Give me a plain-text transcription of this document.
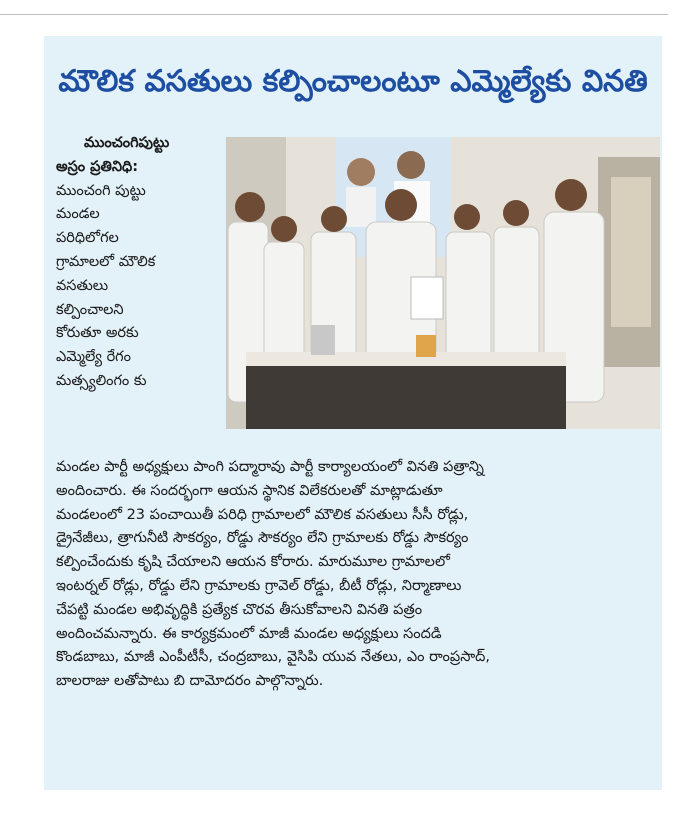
మౌలిక వసతులు కల్పించాలంటూ ఎమ్మెల్యేకు వినతి

ముంచంగిపుట్టు

అస్రం ప్రతినిధి:

ముంచంగి పుట్టు

మండల

పరిధిలోగల

గ్రామాలలో మౌలిక

వసతులు

కల్పించాలని

కోరుతూ అరకు

ఎమ్మెల్యే రేగం

మత్స్యలింగం కు

మండల పార్టీ అధ్యక్షులు పాంగి పద్మారావు పార్టీ కార్యాలయంలో వినతి పత్రాన్ని

అందించారు. ఈ సందర్భంగా ఆయన స్థానిక విలేకరులతో మాట్లాడుతూ

మండలంలో 23 పంచాయితీ పరిధి గ్రామాలలో మౌలిక వసతులు సీసీ రోడ్లు,

డ్రైనేజీలు, త్రాగునీటి సౌకర్యం, రోడ్డు సౌకర్యం లేని గ్రామాలకు రోడ్డు సౌకర్యం

కల్పించేందుకు కృషి చేయాలని ఆయన కోరారు. మారుమూల గ్రామాలలో

ఇంటర్నల్ రోడ్లు, రోడ్డు లేని గ్రామాలకు గ్రావెల్ రోడ్డు, బీటీ రోడ్లు, నిర్మాణాలు

చేపట్టి మండల అభివృద్ధికి ప్రత్యేక చొరవ తీసుకోవాలని వినతి పత్రం

అందించమన్నారు. ఈ కార్యక్రమంలో మాజీ మండల అధ్యక్షులు సందడి

కొండబాబు, మాజీ ఎంపీటీసీ, చంద్రబాబు, వైసిపి యువ నేతలు, ఎం రాంప్రసాద్,

బాలరాజు లతోపాటు బి దామోదరం పాల్గొన్నారు.
